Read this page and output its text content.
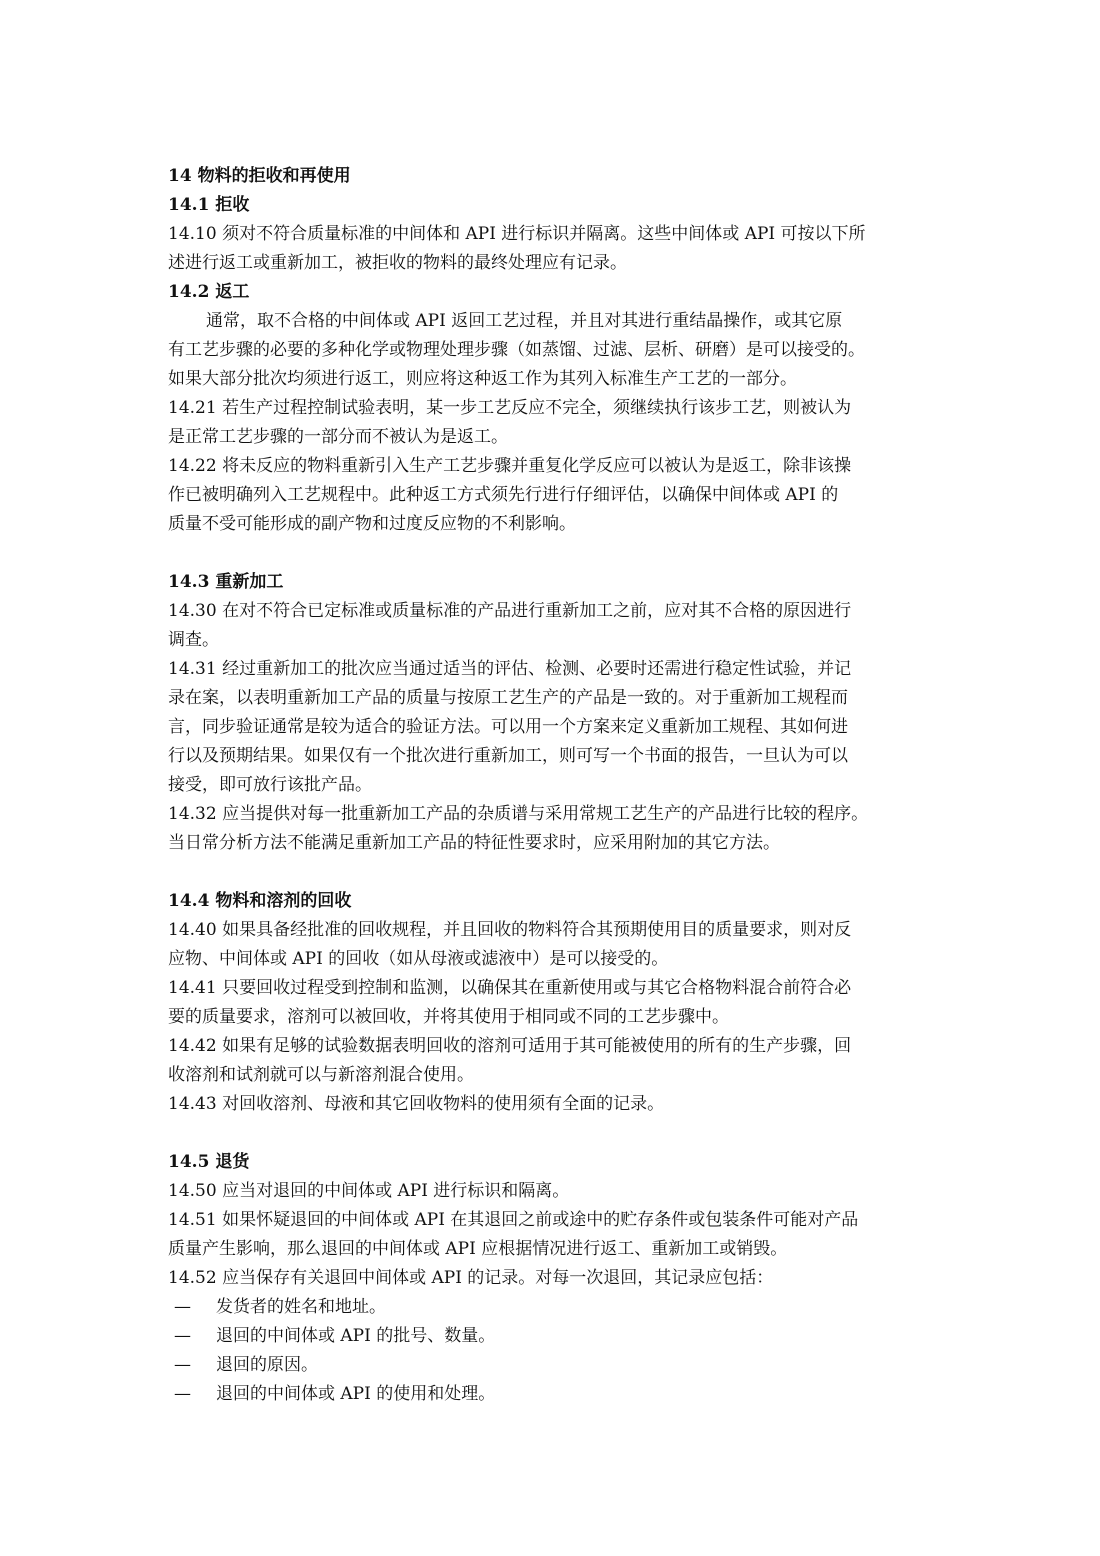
14 物料的拒收和再使用
14.1 拒收
14.10 须对不符合质量标准的中间体和 API 进行标识并隔离。这些中间体或 API 可按以下所
述进行返工或重新加工，被拒收的物料的最终处理应有记录。
14.2 返工
通常，取不合格的中间体或 API 返回工艺过程，并且对其进行重结晶操作，或其它原
有工艺步骤的必要的多种化学或物理处理步骤（如蒸馏、过滤、层析、研磨）是可以接受的。
如果大部分批次均须进行返工，则应将这种返工作为其列入标准生产工艺的一部分。
14.21 若生产过程控制试验表明，某一步工艺反应不完全，须继续执行该步工艺，则被认为
是正常工艺步骤的一部分而不被认为是返工。
14.22 将未反应的物料重新引入生产工艺步骤并重复化学反应可以被认为是返工，除非该操
作已被明确列入工艺规程中。此种返工方式须先行进行仔细评估，以确保中间体或 API 的
质量不受可能形成的副产物和过度反应物的不利影响。
14.3 重新加工
14.30 在对不符合已定标准或质量标准的产品进行重新加工之前，应对其不合格的原因进行
调查。
14.31 经过重新加工的批次应当通过适当的评估、检测、必要时还需进行稳定性试验，并记
录在案，以表明重新加工产品的质量与按原工艺生产的产品是一致的。对于重新加工规程而
言，同步验证通常是较为适合的验证方法。可以用一个方案来定义重新加工规程、其如何进
行以及预期结果。如果仅有一个批次进行重新加工，则可写一个书面的报告，一旦认为可以
接受，即可放行该批产品。
14.32 应当提供对每一批重新加工产品的杂质谱与采用常规工艺生产的产品进行比较的程序。
当日常分析方法不能满足重新加工产品的特征性要求时，应采用附加的其它方法。
14.4 物料和溶剂的回收
14.40 如果具备经批准的回收规程，并且回收的物料符合其预期使用目的质量要求，则对反
应物、中间体或 API 的回收（如从母液或滤液中）是可以接受的。
14.41 只要回收过程受到控制和监测，以确保其在重新使用或与其它合格物料混合前符合必
要的质量要求，溶剂可以被回收，并将其使用于相同或不同的工艺步骤中。
14.42 如果有足够的试验数据表明回收的溶剂可适用于其可能被使用的所有的生产步骤，回
收溶剂和试剂就可以与新溶剂混合使用。
14.43 对回收溶剂、母液和其它回收物料的使用须有全面的记录。
14.5 退货
14.50 应当对退回的中间体或 API 进行标识和隔离。
14.51 如果怀疑退回的中间体或 API 在其退回之前或途中的贮存条件或包装条件可能对产品
质量产生影响，那么退回的中间体或 API 应根据情况进行返工、重新加工或销毁。
14.52 应当保存有关退回中间体或 API 的记录。对每一次退回，其记录应包括：
— 发货者的姓名和地址。
— 退回的中间体或 API 的批号、数量。
— 退回的原因。
— 退回的中间体或 API 的使用和处理。
